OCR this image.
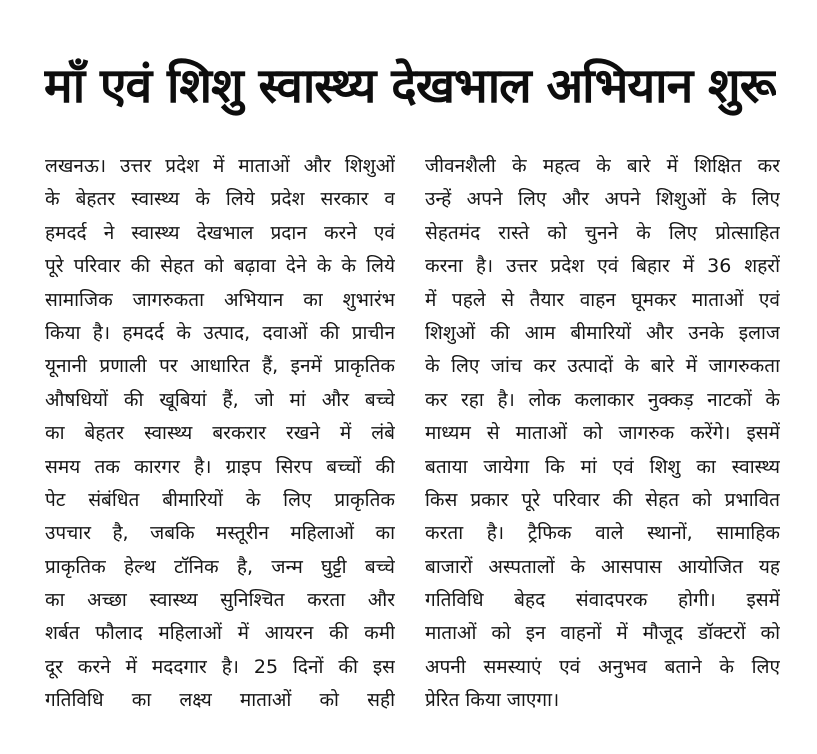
माँ एवं शिशु स्वास्थ्य देखभाल अभियान शुरू
लखनऊ। उत्तर प्रदेश में माताओं और शिशुओं
के बेहतर स्वास्थ्य के लिये प्रदेश सरकार व
हमदर्द ने स्वास्थ्य देखभाल प्रदान करने एवं
पूरे परिवार की सेहत को बढ़ावा देने के के लिये
सामाजिक जागरुकता अभियान का शुभारंभ
किया है। हमदर्द के उत्पाद, दवाओं की प्राचीन
यूनानी प्रणाली पर आधारित हैं, इनमें प्राकृतिक
औषधियों की खूबियां हैं, जो मां और बच्चे
का बेहतर स्वास्थ्य बरकरार रखने में लंबे
समय तक कारगर है। ग्राइप सिरप बच्चों की
पेट संबंधित बीमारियों के लिए प्राकृतिक
उपचार है, जबकि मस्तूरीन महिलाओं का
प्राकृतिक हेल्थ टॉनिक है, जन्म घुट्टी बच्चे
का अच्छा स्वास्थ्य सुनिश्चित करता और
शर्बत फौलाद महिलाओं में आयरन की कमी
दूर करने में मददगार है। 25 दिनों की इस
गतिविधि का लक्ष्य माताओं को सही
जीवनशैली के महत्व के बारे में शिक्षित कर
उन्हें अपने लिए और अपने शिशुओं के लिए
सेहतमंद रास्ते को चुनने के लिए प्रोत्साहित
करना है। उत्तर प्रदेश एवं बिहार में 36 शहरों
में पहले से तैयार वाहन घूमकर माताओं एवं
शिशुओं की आम बीमारियों और उनके इलाज
के लिए जांच कर उत्पादों के बारे में जागरुकता
कर रहा है। लोक कलाकार नुक्कड़ नाटकों के
माध्यम से माताओं को जागरुक करेंगे। इसमें
बताया जायेगा कि मां एवं शिशु का स्वास्थ्य
किस प्रकार पूरे परिवार की सेहत को प्रभावित
करता है। ट्रैफिक वाले स्थानों, सामाहिक
बाजारों अस्पतालों के आसपास आयोजित यह
गतिविधि बेहद संवादपरक होगी। इसमें
माताओं को इन वाहनों में मौजूद डॉक्टरों को
अपनी समस्याएं एवं अनुभव बताने के लिए
प्रेरित किया जाएगा।
